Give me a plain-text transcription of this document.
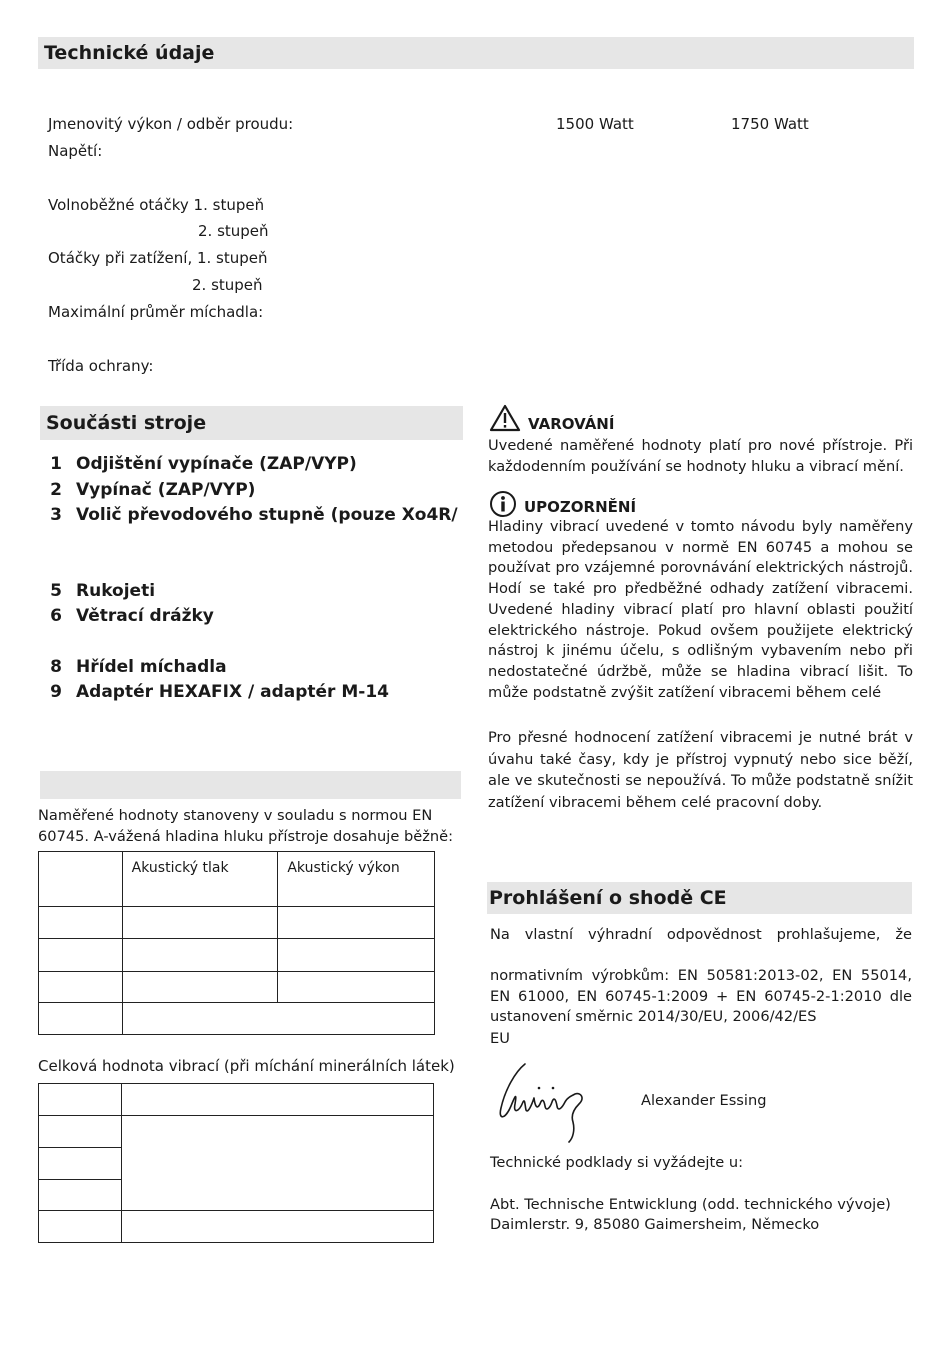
Technické údaje
Jmenovitý výkon / odběr proudu:	1500 Watt	1750 Watt
Napětí:
Volnoběžné otáčky 1. stupeň
2. stupeň
Otáčky při zatížení, 1. stupeň
2. stupeň
Maximální průměr míchadla:
Třída ochrany:
Součásti stroje
1 Odjištění vypínače (ZAP/VYP)
2 Vypínač (ZAP/VYP)
3 Volič převodového stupně (pouze Xo4R/
5 Rukojeti
6 Větrací drážky
8 Hřídel míchadla
9 Adaptér HEXAFIX / adaptér M-14
Naměřené hodnoty stanoveny v souladu s normou EN 60745. A-vážená hladina hluku přístroje dosahuje běžně:

	Akustický tlak	Akustický výkon

Celková hodnota vibrací (při míchání minerálních látek)

VAROVÁNÍ
Uvedené naměřené hodnoty platí pro nové přístroje. Při každodenním používání se hodnoty hluku a vibrací mění.
UPOZORNĚNÍ
Hladiny vibrací uvedené v tomto návodu byly naměřeny metodou předepsanou v normě EN 60745 a mohou se používat pro vzájemné porovnávání elektrických nástrojů. Hodí se také pro předběžné odhady zatížení vibracemi. Uvedené hladiny vibrací platí pro hlavní oblasti použití elektrického nástroje. Pokud ovšem použijete elektrický nástroj k jinému účelu, s odlišným vybavením nebo při nedostatečné údržbě, může se hladina vibrací lišit. To může podstatně zvýšit zatížení vibracemi během celé
Pro přesné hodnocení zatížení vibracemi je nutné brát v úvahu také časy, kdy je přístroj vypnutý nebo sice běží, ale ve skutečnosti se nepoužívá. To může podstatně snížit zatížení vibracemi během celé pracovní doby.
Prohlášení o shodě CE
Na vlastní výhradní odpovědnost prohlašujeme, že
normativním výrobkům: EN 50581:2013-02, EN 55014, EN 61000, EN 60745-1:2009 + EN 60745-2-1:2010 dle ustanovení směrnic 2014/30/EU, 2006/42/ES
EU
Alexander Essing
Technické podklady si vyžádejte u:
Abt. Technische Entwicklung (odd. technického vývoje)
Daimlerstr. 9, 85080 Gaimersheim, Německo
